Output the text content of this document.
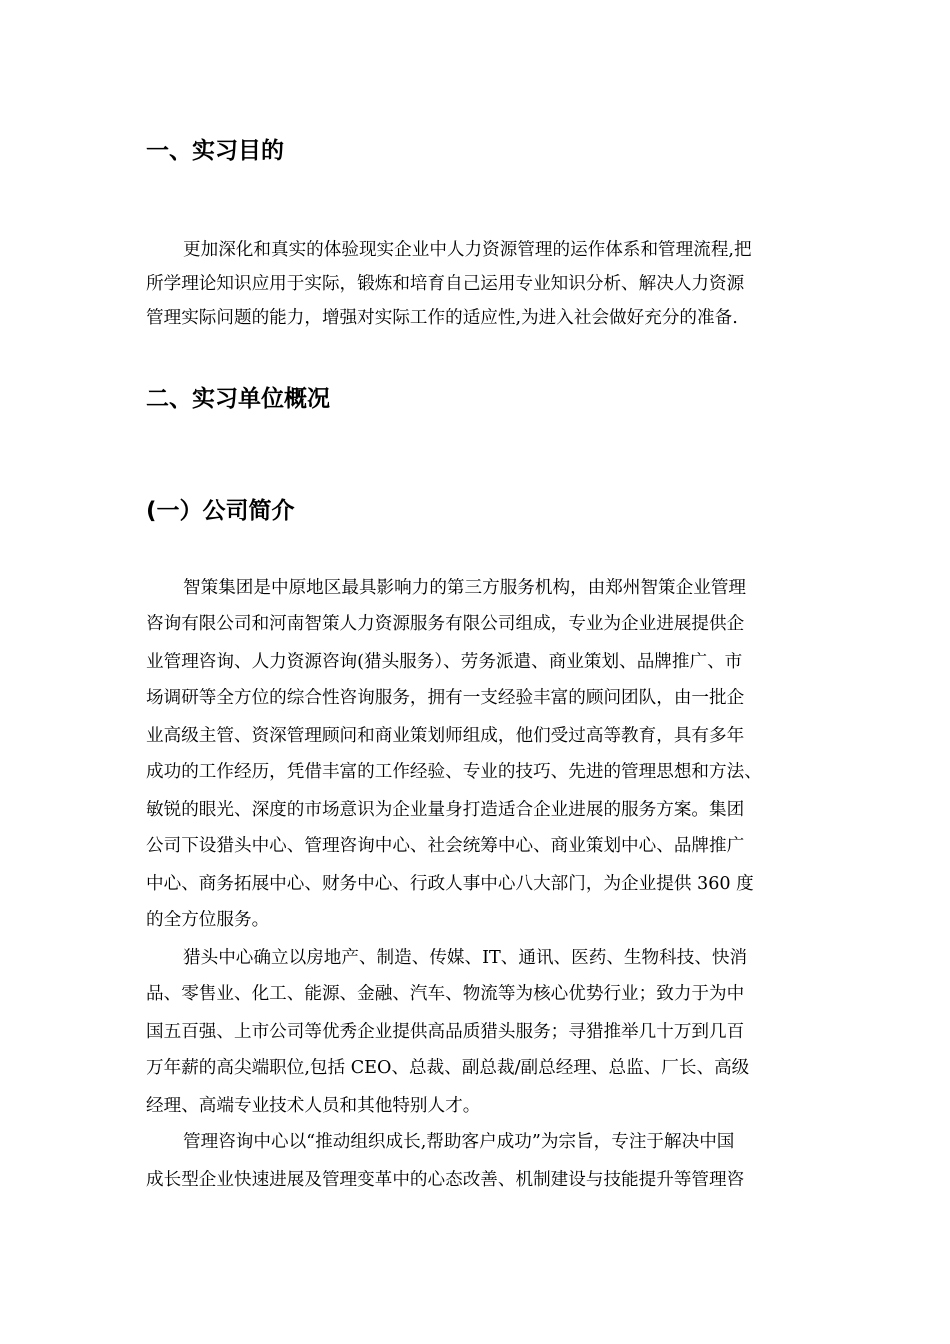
一、实习目的

更加深化和真实的体验现实企业中人力资源管理的运作体系和管理流程,把

所学理论知识应用于实际，锻炼和培育自己运用专业知识分析、解决人力资源

管理实际问题的能力，增强对实际工作的适应性,为进入社会做好充分的准备.

二、实习单位概况
(一）公司简介

智策集团是中原地区最具影响力的第三方服务机构，由郑州智策企业管理

咨询有限公司和河南智策人力资源服务有限公司组成，专业为企业进展提供企

业管理咨询、人力资源咨询(猎头服务）、劳务派遣、商业策划、品牌推广、市

场调研等全方位的综合性咨询服务，拥有一支经验丰富的顾问团队，由一批企

业高级主管、资深管理顾问和商业策划师组成，他们受过高等教育，具有多年

成功的工作经历，凭借丰富的工作经验、专业的技巧、先进的管理思想和方法、

敏锐的眼光、深度的市场意识为企业量身打造适合企业进展的服务方案。集团

公司下设猎头中心、管理咨询中心、社会统筹中心、商业策划中心、品牌推广

中心、商务拓展中心、财务中心、行政人事中心八大部门，为企业提供 360 度

的全方位服务。

猎头中心确立以房地产、制造、传媒、IT、通讯、医药、生物科技、快消

品、零售业、化工、能源、金融、汽车、物流等为核心优势行业；致力于为中

国五百强、上市公司等优秀企业提供高品质猎头服务；寻猎推举几十万到几百

万年薪的高尖端职位,包括 CEO、总裁、副总裁/副总经理、总监、厂长、高级

经理、高端专业技术人员和其他特别人才。

管理咨询中心以“推动组织成长,帮助客户成功”为宗旨，专注于解决中国

成长型企业快速进展及管理变革中的心态改善、机制建设与技能提升等管理咨
